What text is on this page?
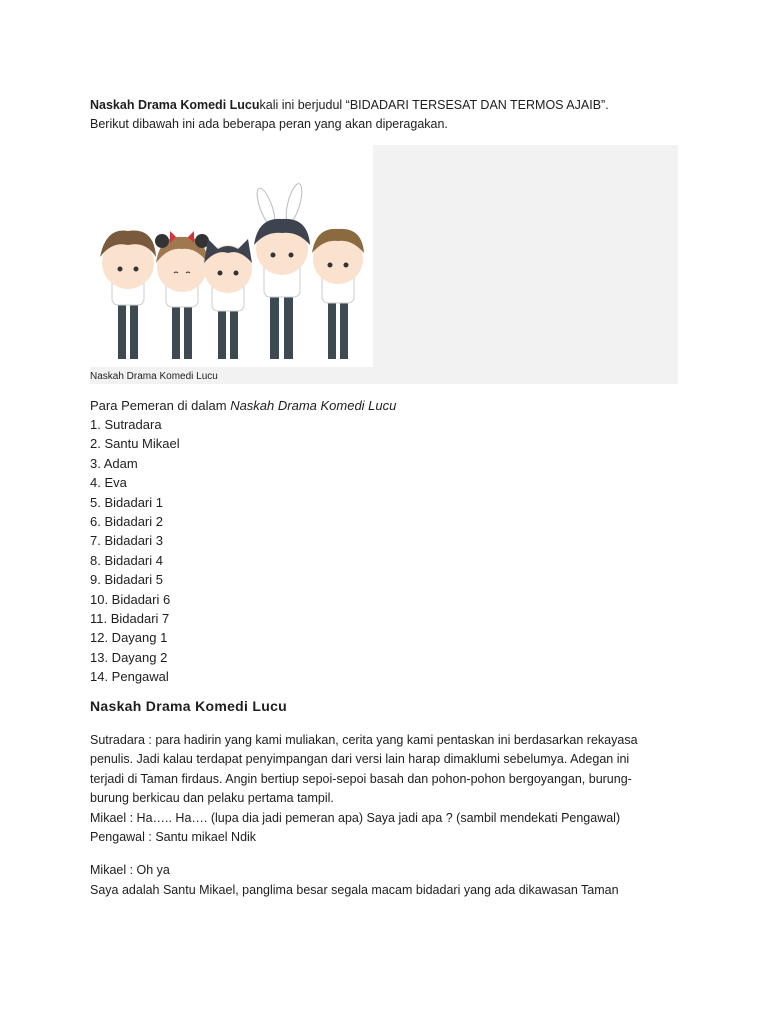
Naskah Drama Komedi Lucukali ini berjudul “BIDADARI TERSESAT DAN TERMOS AJAIB”.
Berikut dibawah ini ada beberapa peran yang akan diperagakan.
Naskah Drama Komedi Lucu
Para Pemeran di dalam Naskah Drama Komedi Lucu
1. Sutradara
2. Santu Mikael
3. Adam
4. Eva
5. Bidadari 1
6. Bidadari 2
7. Bidadari 3
8. Bidadari 4
9. Bidadari 5
10. Bidadari 6
11. Bidadari 7
12. Dayang 1
13. Dayang 2
14. Pengawal
Naskah Drama Komedi Lucu

Sutradara : para hadirin yang kami muliakan, cerita yang kami pentaskan ini berdasarkan rekayasa

penulis. Jadi kalau terdapat penyimpangan dari versi lain harap dimaklumi sebelumya. Adegan ini

terjadi di Taman firdaus. Angin bertiup sepoi-sepoi basah dan pohon-pohon bergoyangan, burung-

burung berkicau dan pelaku pertama tampil.

Mikael : Ha….. Ha…. (lupa dia jadi pemeran apa) Saya jadi apa ? (sambil mendekati Pengawal)

Pengawal : Santu mikael Ndik

Mikael : Oh ya

Saya adalah Santu Mikael, panglima besar segala macam bidadari yang ada dikawasan Taman
